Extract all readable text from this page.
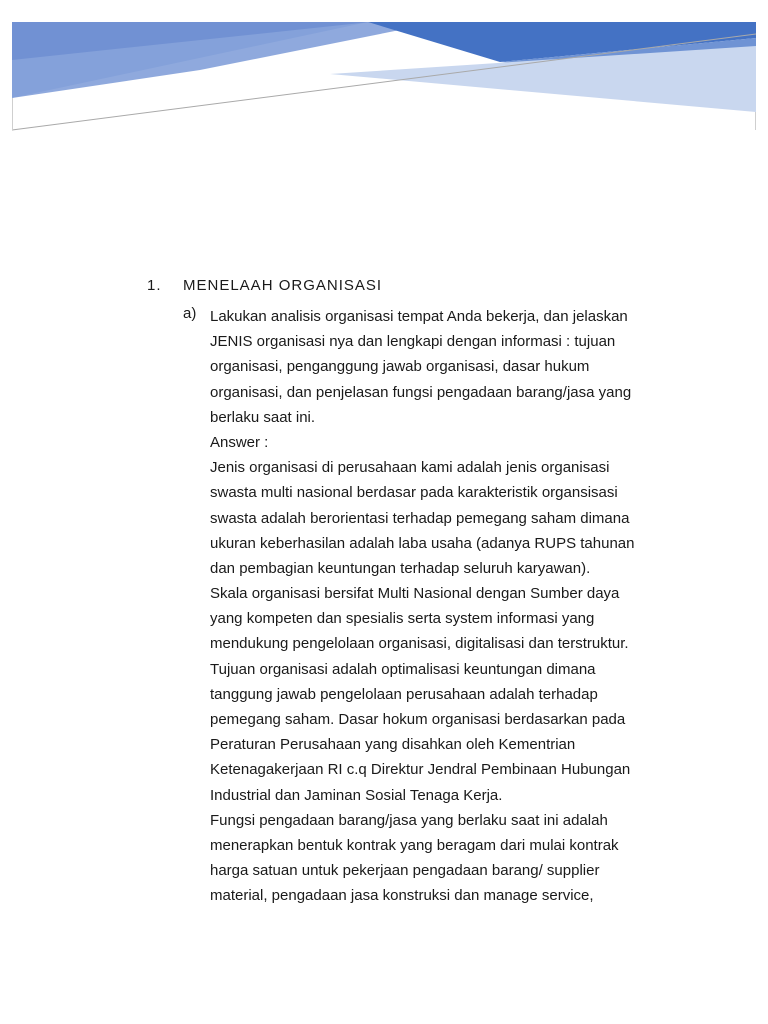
1. MENELAAH ORGANISASI
a) Lakukan analisis organisasi tempat Anda bekerja, dan jelaskan
JENIS organisasi nya dan lengkapi dengan informasi : tujuan
organisasi, penganggung jawab organisasi, dasar hukum
organisasi, dan penjelasan fungsi pengadaan barang/jasa yang
berlaku saat ini.
Answer :
Jenis organisasi di perusahaan kami adalah jenis organisasi
swasta multi nasional berdasar pada karakteristik organsisasi
swasta adalah berorientasi terhadap pemegang saham dimana
ukuran keberhasilan adalah laba usaha (adanya RUPS tahunan
dan pembagian keuntungan terhadap seluruh karyawan).
Skala organisasi bersifat Multi Nasional dengan Sumber daya
yang kompeten dan spesialis serta system informasi yang
mendukung pengelolaan organisasi, digitalisasi dan terstruktur.
Tujuan organisasi adalah optimalisasi keuntungan dimana
tanggung jawab pengelolaan perusahaan adalah terhadap
pemegang saham. Dasar hokum organisasi berdasarkan pada
Peraturan Perusahaan yang disahkan oleh Kementrian
Ketenagakerjaan RI c.q Direktur Jendral Pembinaan Hubungan
Industrial dan Jaminan Sosial Tenaga Kerja.
Fungsi pengadaan barang/jasa yang berlaku saat ini adalah
menerapkan bentuk kontrak yang beragam dari mulai kontrak
harga satuan untuk pekerjaan pengadaan barang/ supplier
material, pengadaan jasa konstruksi dan manage service,
